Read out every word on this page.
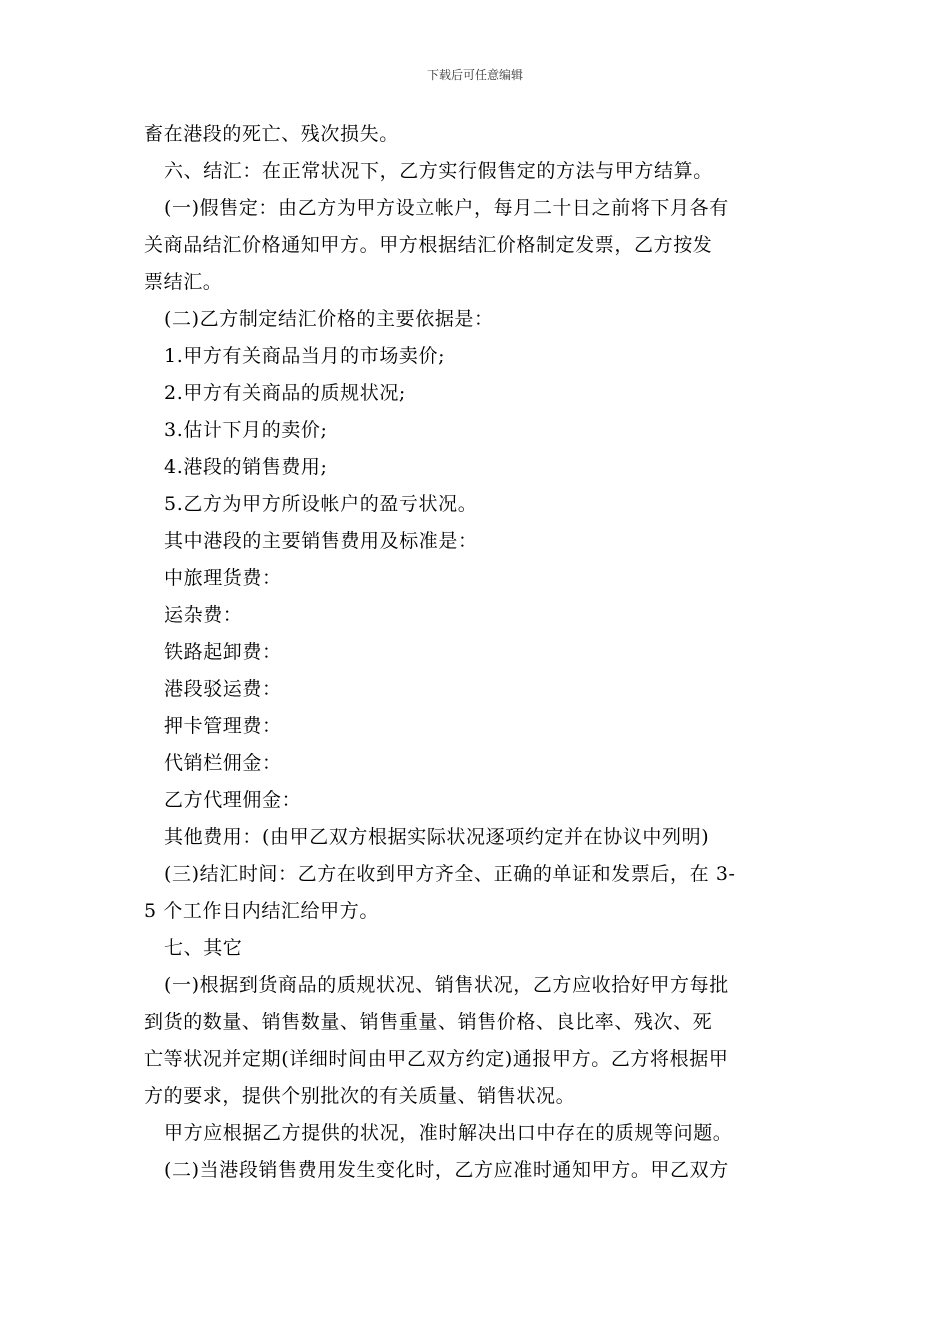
下载后可任意编辑
畜在港段的死亡、残次损失。
六、结汇：在正常状况下，乙方实行假售定的方法与甲方结算。
(一)假售定：由乙方为甲方设立帐户，每月二十日之前将下月各有
关商品结汇价格通知甲方。甲方根据结汇价格制定发票，乙方按发
票结汇。
(二)乙方制定结汇价格的主要依据是：
1.甲方有关商品当月的市场卖价;
2.甲方有关商品的质规状况;
3.估计下月的卖价;
4.港段的销售费用;
5.乙方为甲方所设帐户的盈亏状况。
其中港段的主要销售费用及标准是：
中旅理货费：
运杂费：
铁路起卸费：
港段驳运费：
押卡管理费：
代销栏佣金：
乙方代理佣金：
其他费用：(由甲乙双方根据实际状况逐项约定并在协议中列明)
(三)结汇时间：乙方在收到甲方齐全、正确的单证和发票后，在 3-
5 个工作日内结汇给甲方。
七、其它
(一)根据到货商品的质规状况、销售状况，乙方应收拾好甲方每批
到货的数量、销售数量、销售重量、销售价格、良比率、残次、死
亡等状况并定期(详细时间由甲乙双方约定)通报甲方。乙方将根据甲
方的要求，提供个别批次的有关质量、销售状况。
甲方应根据乙方提供的状况，准时解决出口中存在的质规等问题。
(二)当港段销售费用发生变化时，乙方应准时通知甲方。甲乙双方
